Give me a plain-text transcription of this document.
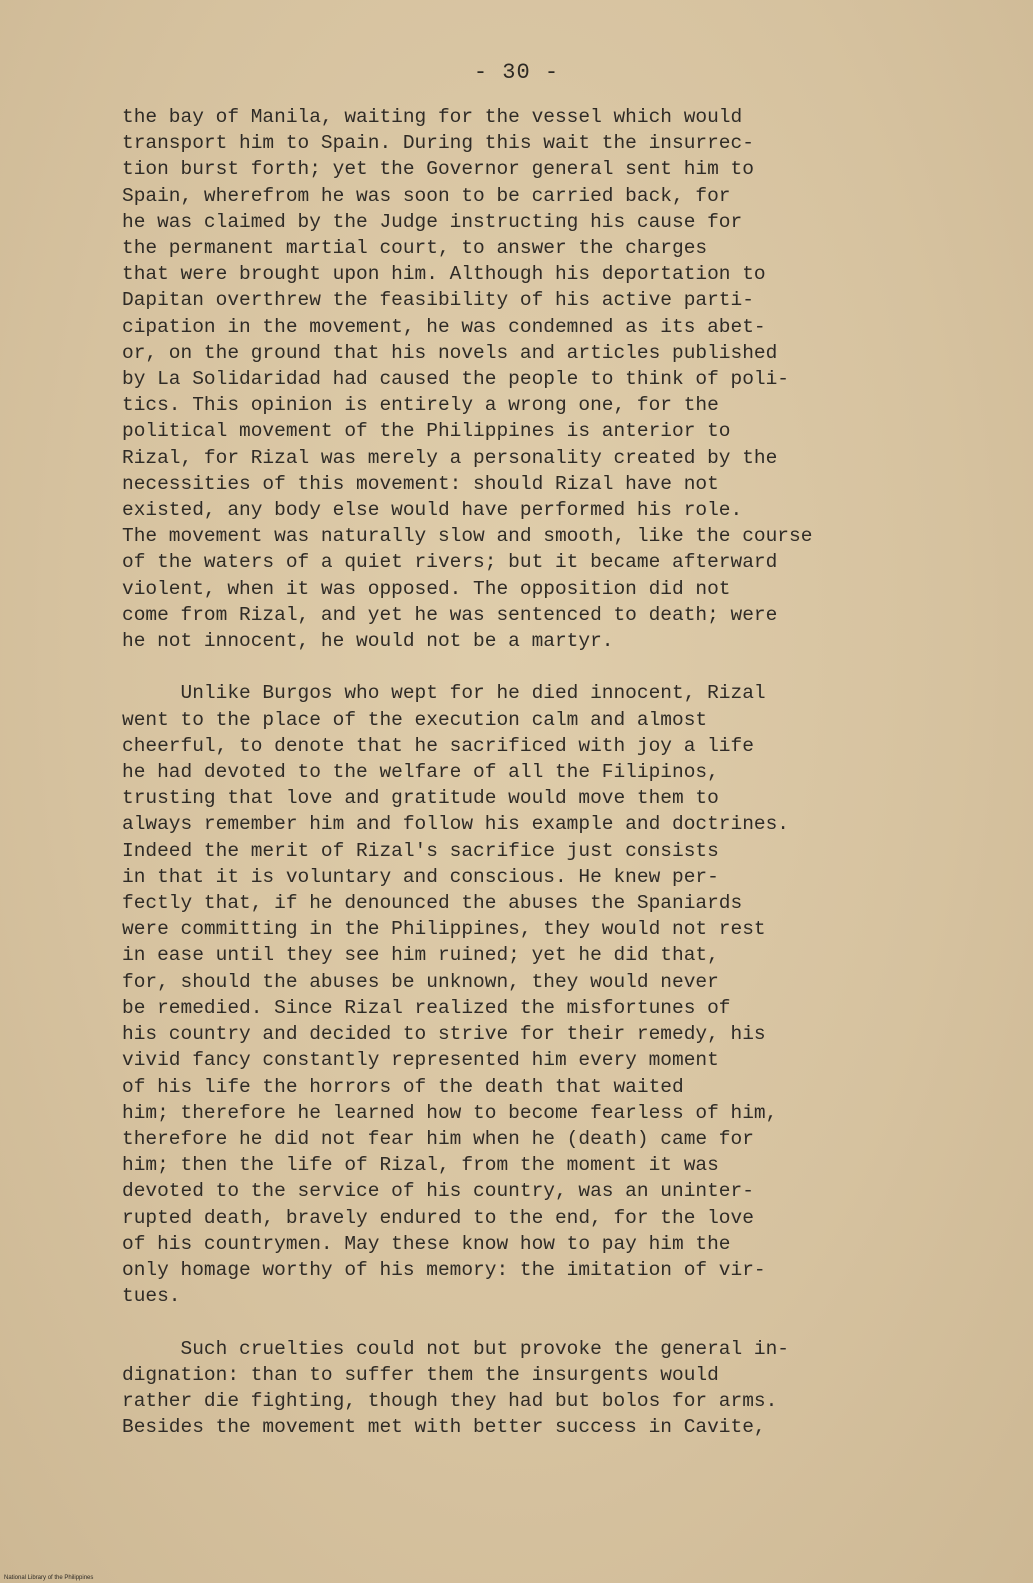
- 30 -
the bay of Manila, waiting for the vessel which would
transport him to Spain. During this wait the insurrec-
tion burst forth; yet the Governor general sent him to
Spain, wherefrom he was soon to be carried back, for
he was claimed by the Judge instructing his cause for
the permanent martial court, to answer the charges
that were brought upon him. Although his deportation to
Dapitan overthrew the feasibility of his active parti-
cipation in the movement, he was condemned as its abet-
or, on the ground that his novels and articles published
by La Solidaridad had caused the people to think of poli-
tics. This opinion is entirely a wrong one, for the
political movement of the Philippines is anterior to
Rizal, for Rizal was merely a personality created by the
necessities of this movement: should Rizal have not
existed, any body else would have performed his role.
The movement was naturally slow and smooth, like the course
of the waters of a quiet rivers; but it became afterward
violent, when it was opposed. The opposition did not
come from Rizal, and yet he was sentenced to death; were
he not innocent, he would not be a martyr.
Unlike Burgos who wept for he died innocent, Rizal
went to the place of the execution calm and almost
cheerful, to denote that he sacrificed with joy a life
he had devoted to the welfare of all the Filipinos,
trusting that love and gratitude would move them to
always remember him and follow his example and doctrines.
Indeed the merit of Rizal's sacrifice just consists
in that it is voluntary and conscious. He knew per-
fectly that, if he denounced the abuses the Spaniards
were committing in the Philippines, they would not rest
in ease until they see him ruined; yet he did that,
for, should the abuses be unknown, they would never
be remedied. Since Rizal realized the misfortunes of
his country and decided to strive for their remedy, his
vivid fancy constantly represented him every moment
of his life the horrors of the death that waited
him; therefore he learned how to become fearless of him,
therefore he did not fear him when he (death) came for
him; then the life of Rizal, from the moment it was
devoted to the service of his country, was an uninter-
rupted death, bravely endured to the end, for the love
of his countrymen. May these know how to pay him the
only homage worthy of his memory: the imitation of vir-
tues.
Such cruelties could not but provoke the general in-
dignation: than to suffer them the insurgents would
rather die fighting, though they had but bolos for arms.
Besides the movement met with better success in Cavite,
National Library of the Philippines
